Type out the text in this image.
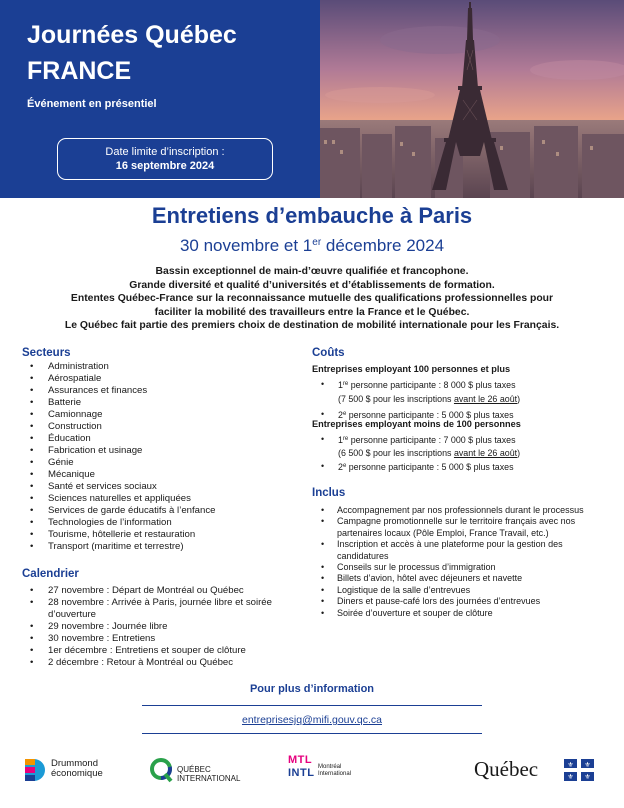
Journées Québec
FRANCE
Événement en présentiel
Date limite d’inscription :
16 septembre 2024
Entretiens d’embauche à Paris
30 novembre et 1er décembre 2024
Bassin exceptionnel de main-d’œuvre qualifiée et francophone.
Grande diversité et qualité d’universités et d’établissements de formation.
Ententes Québec-France sur la reconnaissance mutuelle des qualifications professionnelles pour
faciliter la mobilité des travailleurs entre la France et le Québec.
Le Québec fait partie des premiers choix de destination de mobilité internationale pour les Français.
Secteurs
• Administration
• Aérospatiale
• Assurances et finances
• Batterie
• Camionnage
• Construction
• Éducation
• Fabrication et usinage
• Génie
• Mécanique
• Santé et services sociaux
• Sciences naturelles et appliquées
• Services de garde éducatifs à l’enfance
• Technologies de l’information
• Tourisme, hôtellerie et restauration
• Transport (maritime et terrestre)
Calendrier
• 27 novembre : Départ de Montréal ou Québec
• 28 novembre : Arrivée à Paris, journée libre et soirée d’ouverture
• 29 novembre : Journée libre
• 30 novembre : Entretiens
• 1er décembre : Entretiens et souper de clôture
• 2 décembre : Retour à Montréal ou Québec
Coûts
Entreprises employant 100 personnes et plus
• 1re personne participante : 8 000 $ plus taxes
(7 500 $ pour les inscriptions avant le 26 août)
• 2e personne participante : 5 000 $ plus taxes
Entreprises employant moins de 100 personnes
• 1re personne participante : 7 000 $ plus taxes
(6 500 $ pour les inscriptions avant le 26 août)
• 2e personne participante : 5 000 $ plus taxes
Inclus
• Accompagnement par nos professionnels durant le processus
• Campagne promotionnelle sur le territoire français avec nos partenaires locaux (Pôle Emploi, France Travail, etc.)
• Inscription et accès à une plateforme pour la gestion des candidatures
• Conseils sur le processus d’immigration
• Billets d’avion, hôtel avec déjeuners et navette
• Logistique de la salle d’entrevues
• Diners et pause-café lors des journées d’entrevues
• Soirée d’ouverture et souper de clôture
Pour plus d’information
entreprisesjq@mifi.gouv.qc.ca
Drummond
économique	QUÉBEC
INTERNATIONAL
MTL
INTL Montréal
International	Québec	⚜ ⚜
⚜ ⚜
